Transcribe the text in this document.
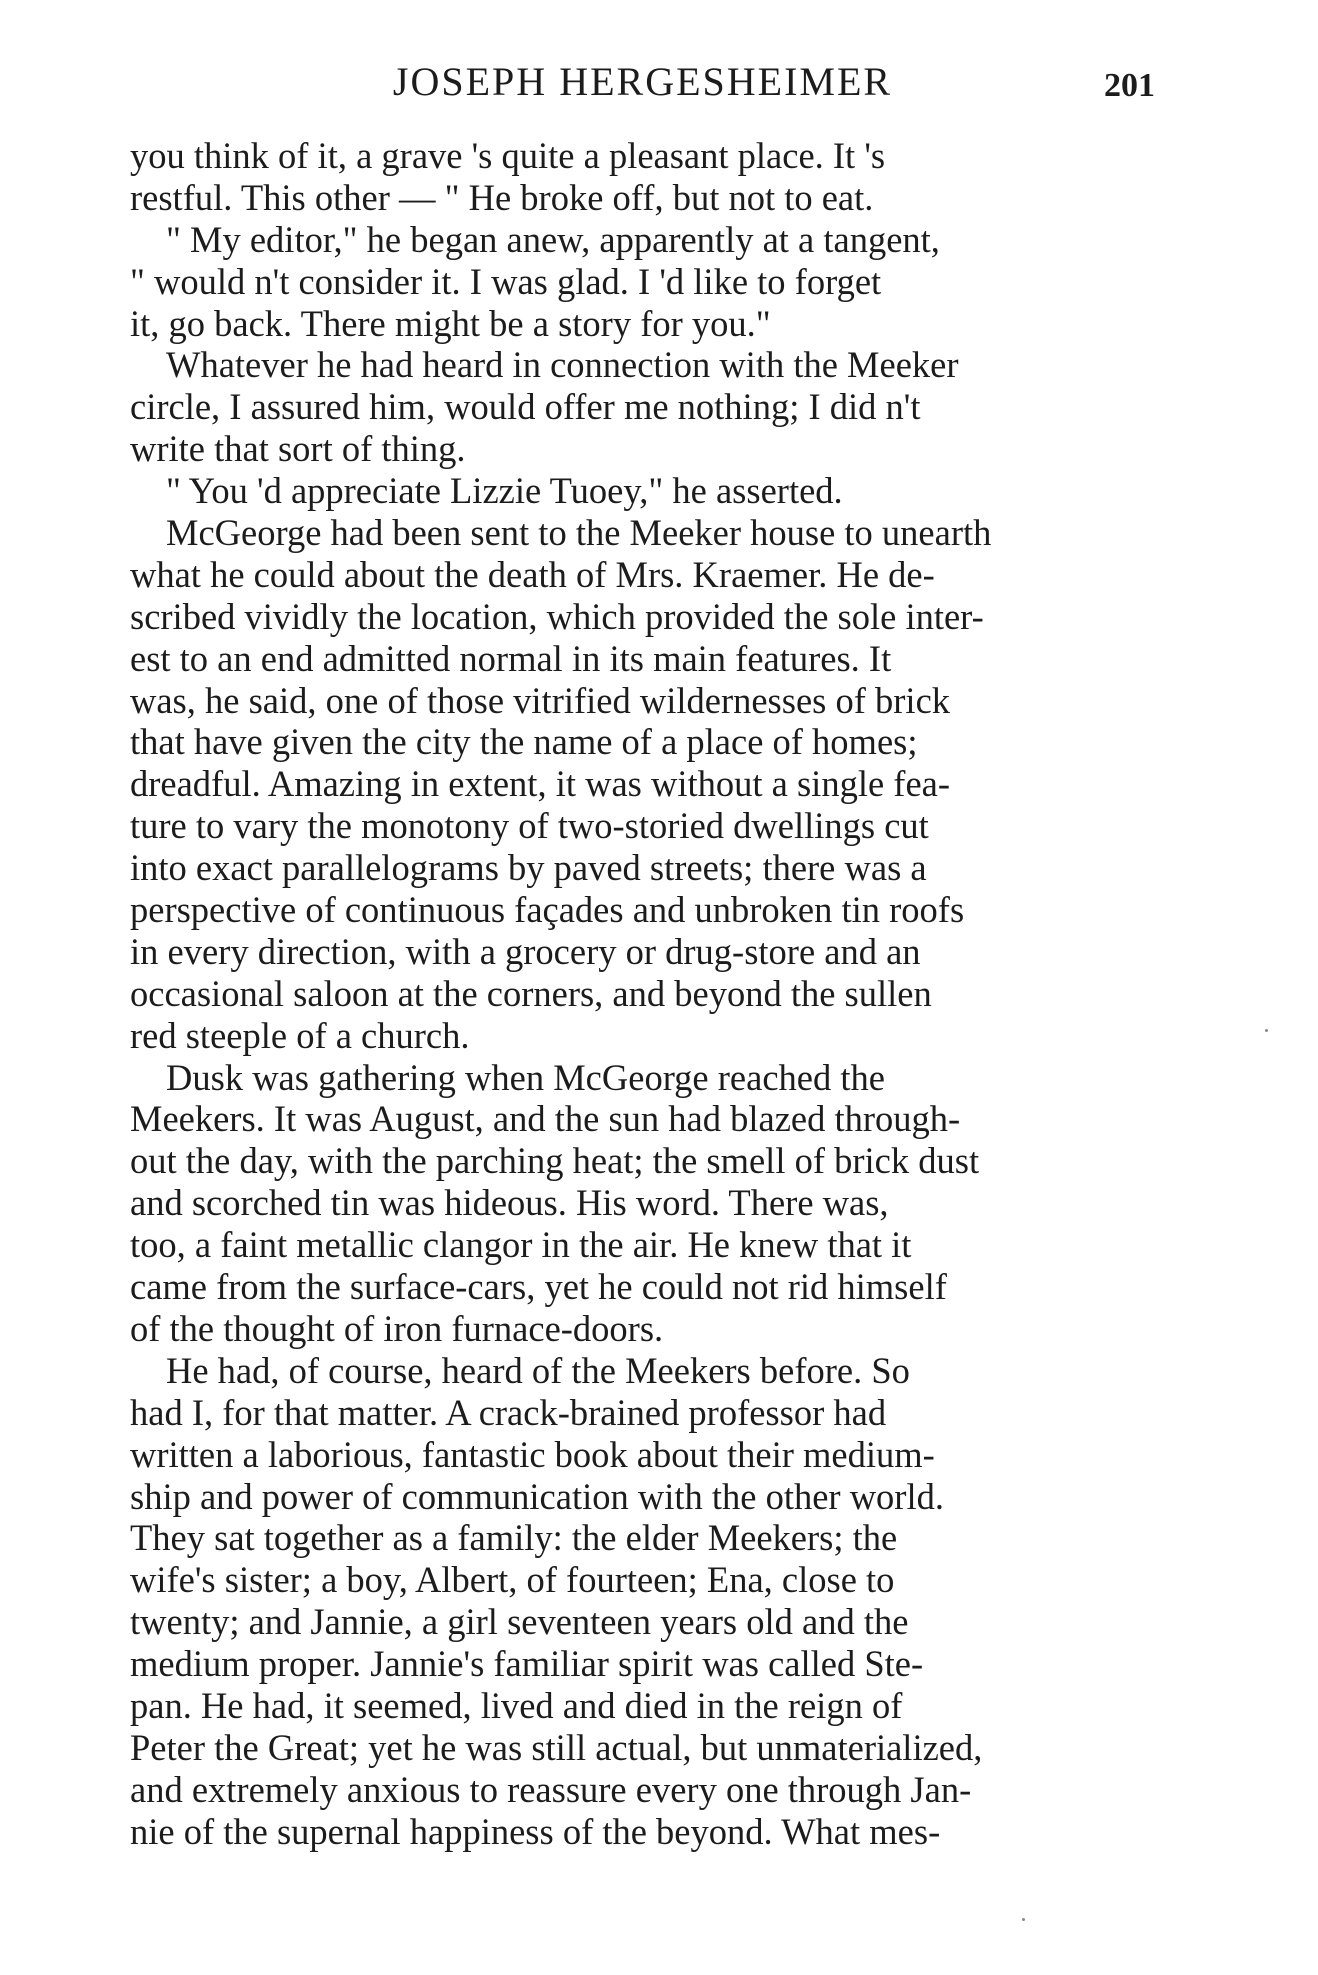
JOSEPH HERGESHEIMER	201
you think of it, a grave 's quite a pleasant place. It 's
restful. This other — " He broke off, but not to eat.
" My editor," he began anew, apparently at a tangent,
" would n't consider it. I was glad. I 'd like to forget
it, go back. There might be a story for you."
Whatever he had heard in connection with the Meeker
circle, I assured him, would offer me nothing; I did n't
write that sort of thing.
" You 'd appreciate Lizzie Tuoey," he asserted.
McGeorge had been sent to the Meeker house to unearth
what he could about the death of Mrs. Kraemer. He de-
scribed vividly the location, which provided the sole inter-
est to an end admitted normal in its main features. It
was, he said, one of those vitrified wildernesses of brick
that have given the city the name of a place of homes;
dreadful. Amazing in extent, it was without a single fea-
ture to vary the monotony of two-storied dwellings cut
into exact parallelograms by paved streets; there was a
perspective of continuous façades and unbroken tin roofs
in every direction, with a grocery or drug-store and an
occasional saloon at the corners, and beyond the sullen
red steeple of a church.
Dusk was gathering when McGeorge reached the
Meekers. It was August, and the sun had blazed through-
out the day, with the parching heat; the smell of brick dust
and scorched tin was hideous. His word. There was,
too, a faint metallic clangor in the air. He knew that it
came from the surface-cars, yet he could not rid himself
of the thought of iron furnace-doors.
He had, of course, heard of the Meekers before. So
had I, for that matter. A crack-brained professor had
written a laborious, fantastic book about their medium-
ship and power of communication with the other world.
They sat together as a family: the elder Meekers; the
wife's sister; a boy, Albert, of fourteen; Ena, close to
twenty; and Jannie, a girl seventeen years old and the
medium proper. Jannie's familiar spirit was called Ste-
pan. He had, it seemed, lived and died in the reign of
Peter the Great; yet he was still actual, but unmaterialized,
and extremely anxious to reassure every one through Jan-
nie of the supernal happiness of the beyond. What mes-
